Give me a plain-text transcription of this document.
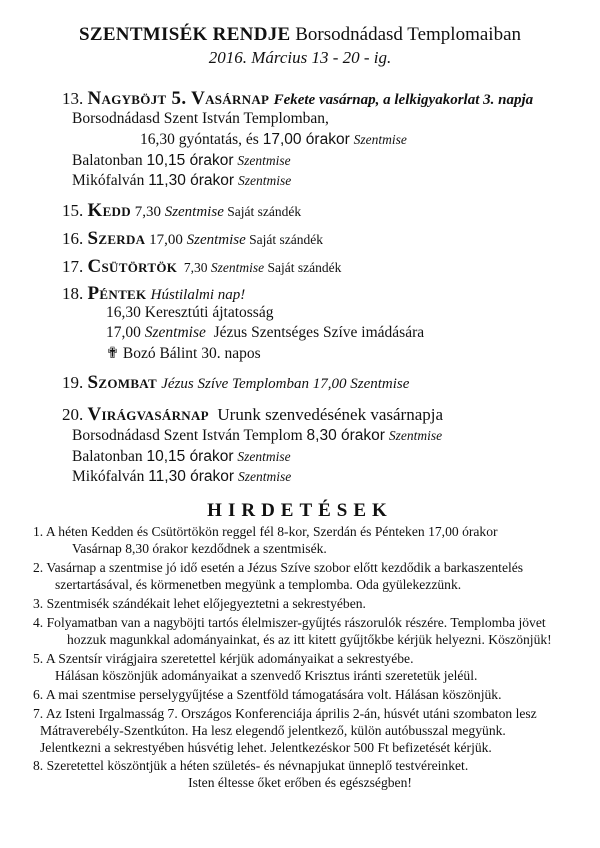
SZENTMISÉK RENDJE Borsodnádasd Templomaiban
2016. Március 13 - 20 - ig.
13. Nagyböjt 5. Vasárnap Fekete vasárnap, a lelkigyakorlat 3. napja
Borsodnádasd Szent István Templomban,
16,30 gyóntatás, és 17,00 órakor Szentmise
Balatonban 10,15 órakor Szentmise
Mikófalván 11,30 órakor Szentmise
15. Kedd 7,30 Szentmise Saját szándék
16. Szerda 17,00 Szentmise Saját szándék
17. Csütörtök  7,30 Szentmise Saját szándék
18. Péntek Hústilalmi nap!
16,30 Keresztúti ájtatosság
17,00 Szentmise  Jézus Szentséges Szíve imádására
✟ Bozó Bálint 30. napos
19. Szombat Jézus Szíve Templomban 17,00 Szentmise
20. Virágvasárnap  Urunk szenvedésének vasárnapja
Borsodnádasd Szent István Templom 8,30 órakor Szentmise
Balatonban 10,15 órakor Szentmise
Mikófalván 11,30 órakor Szentmise
HIRDETÉSEK
1. A héten Kedden és Csütörtökön reggel fél 8-kor, Szerdán és Pénteken 17,00 órakor
Vasárnap 8,30 órakor kezdődnek a szentmisék.
2. Vasárnap a szentmise jó idő esetén a Jézus Szíve szobor előtt kezdődik a barkaszentelés
szertartásával, és körmenetben megyünk a templomba. Oda gyülekezzünk.
3. Szentmisék szándékait lehet előjegyeztetni a sekrestyében.
4. Folyamatban van a nagyböjti tartós élelmiszer-gyűjtés rászorulók részére. Templomba jövet
hozzuk magunkkal adományainkat, és az itt kitett gyűjtőkbe kérjük helyezni. Köszönjük!
5. A Szentsír virágjaira szeretettel kérjük adományaikat a sekrestyébe.
Hálásan köszönjük adományaikat a szenvedő Krisztus iránti szeretetük jeléül.
6. A mai szentmise perselygyűjtése a Szentföld támogatására volt. Hálásan köszönjük.
7. Az Isteni Irgalmasság 7. Országos Konferenciája április 2-án, húsvét utáni szombaton lesz
Mátraverebély-Szentkúton. Ha lesz elegendő jelentkező, külön autóbusszal megyünk.
Jelentkezni a sekrestyében húsvétig lehet. Jelentkezéskor 500 Ft befizetését kérjük.
8. Szeretettel köszöntjük a héten születés- és névnapjukat ünneplő testvéreinket.
Isten éltesse őket erőben és egészségben!
